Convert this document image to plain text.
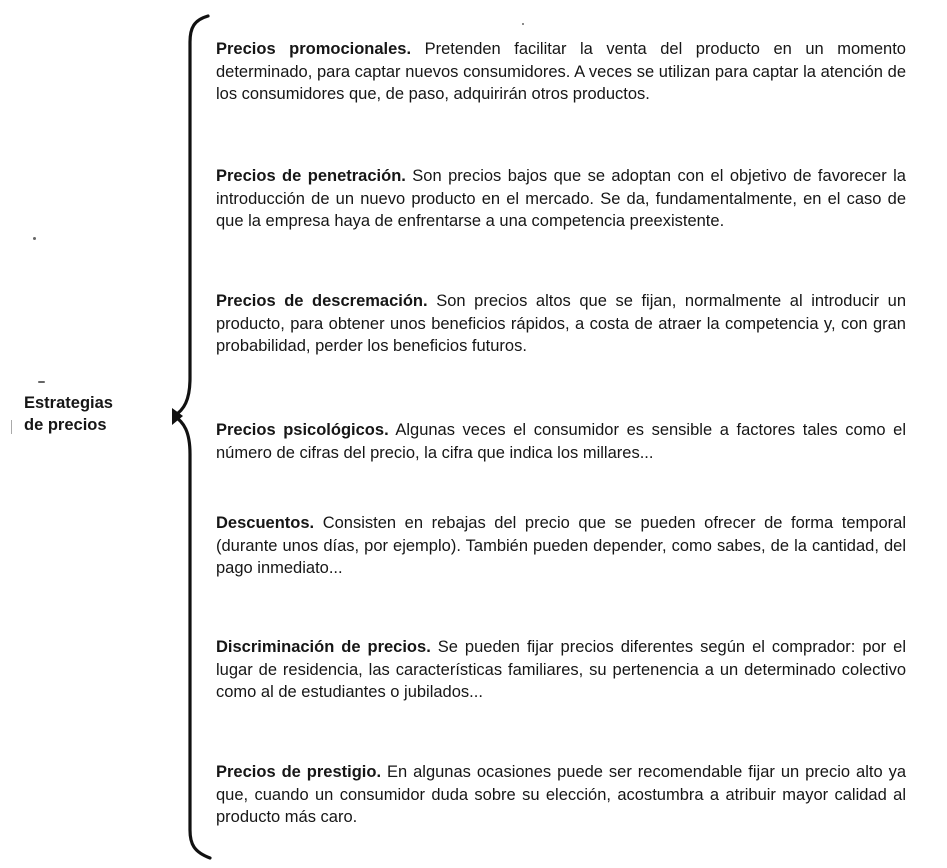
Estrategias
de precios
Precios promocionales. Pretenden facilitar la venta del producto en un momento determinado, para captar nuevos consumidores. A veces se utilizan para captar la atención de los consumidores que, de paso, adquirirán otros productos.
Precios de penetración. Son precios bajos que se adoptan con el objetivo de favorecer la introducción de un nuevo producto en el mercado. Se da, fundamentalmente, en el caso de que la empresa haya de enfrentarse a una competencia preexistente.
Precios de descremación. Son precios altos que se fijan, normalmente al introducir un producto, para obtener unos beneficios rápidos, a costa de atraer la competencia y, con gran probabilidad, perder los beneficios futuros.
Precios psicológicos. Algunas veces el consumidor es sensible a factores tales como el número de cifras del precio, la cifra que indica los millares...
Descuentos. Consisten en rebajas del precio que se pueden ofrecer de forma temporal (durante unos días, por ejemplo). También pueden depender, como sabes, de la cantidad, del pago inmediato...
Discriminación de precios. Se pueden fijar precios diferentes según el comprador: por el lugar de residencia, las características familiares, su pertenencia a un determinado colectivo como al de estudiantes o jubilados...
Precios de prestigio. En algunas ocasiones puede ser recomendable fijar un precio alto ya que, cuando un consumidor duda sobre su elección, acostumbra a atribuir mayor calidad al producto más caro.
